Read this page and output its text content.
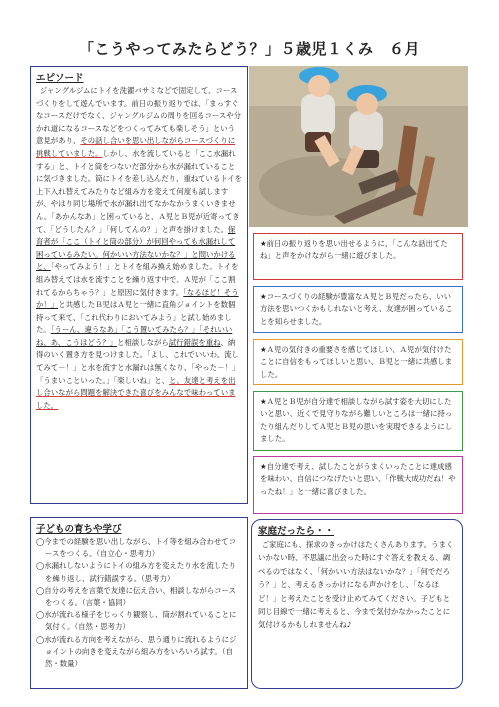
「こうやってみたらどう？」５歳児１くみ　６月
エピソード
ジャングルジムにトイを洗濯バサミなどで固定して、コースづくりをして遊んでいます。前日の振り返りでは、「まっすぐなコースだけでなく、ジャングルジムの周りを回るコースや分かれ道になるコースなどをつくってみても楽しそう」という意見があり、その話し合いを思い出しながらコースづくりに挑戦していました。しかし、水を流していると「ここ水漏れする」と、トイと筒をつないだ部分から水が漏れていることに気づきました。筒にトイを差し込んだり、重ねているトイを上下入れ替えてみたりなど組み方を変えて何度も試しますが、やはり同じ場所で水が漏れ出てなかなかうまくいきません。「あかんなあ」と困っていると、Ａ児とＢ児が近寄ってきて、「どうしたん？」「何してんの？」と声を掛けました。保育者が「ここ（トイと筒の部分）が何回やっても水漏れして困っているみたい。何かいい方法ないかな？」と問いかけると、「やってみよう！」とトイを組み換え始めました。トイを組み替えては水を流すことを繰り返す中で、Ａ児が「ここ割れてるからちゃう？」と原因に気付きます。「なるほど！そうか！」と共感したＢ児はＡ児と一緒に直角ジョイントを数個持って来て、「これ代わりにおいてみよう」と試し始めました。「うーん、違うなあ」「こう置いてみたら？」「それいいね、あ、こうはどう？」と相談しながら試行錯誤を重ね、納得のいく置き方を見つけました。「よし、これでいいわ。流してみて－！」と水を流すと水漏れは無くなり、「やった－！」「うまいこといった。」「楽しいね」と、と、友達と考えを出し合いながら問題を解決できた喜びをみんなで味わっていました。
★前日の振り返りを思い出せるように、「こんな話出てたね」と声をかけながら一緒に遊びました。
★コースづくりの経験が豊富なＡ児とＢ児だったら、いい方法を思いつくかもしれないと考え、友達が困っていることを知らせました。
★Ａ児の気付きの重要さを感じてほしい、Ａ児が気付けたことに自信をもってほしいと思い、Ｂ児と一緒に共感しました。
★Ａ児とＢ児が自分達で相談しながら試す姿を大切にしたいと思い、近くで見守りながら難しいところは一緒に持ったり組んだりしてＡ児とＢ児の思いを実現できるようにしました。
★自分達で考え、試したことがうまくいったことに達成感を味わい、自信につなげたいと思い、「作戦大成功だね！やったね！」と一緒に喜びました。
子どもの育ちや学び
◯今までの経験を思い出しながら、トイ等を組み合わせてコースをつくる。（自立心・思考力）
◯水漏れしないようにトイの組み方を変えたり水を流したりを繰り返し、試行錯誤する。（思考力）
◯自分の考えを言葉で友達に伝え合い、相談しながらコースをつくる。（言葉・協同）
◯水が流れる様子をじっくり観察し、筒が割れていることに気付く。（自然・思考力）
◯水が流れる方向を考えながら、思う通りに流れるようにジョイントの向きを変えながら組み方をいろいろ試す。（自然・数量）
家庭だったら・・
ご家庭にも、探求のきっかけはたくさんあります。うまくいかない時、不思議に出会った時にすぐ答えを教える、調べるのではなく、「何かいい方法はないかな？」「何でだろう？」と、考えるきっかけになる声かけをし、「なるほど！」と考えたことを受け止めてみてください。子どもと同じ目線で一緒に考えると、今まで気付かなかったことに気付けるかもしれませんね♪
